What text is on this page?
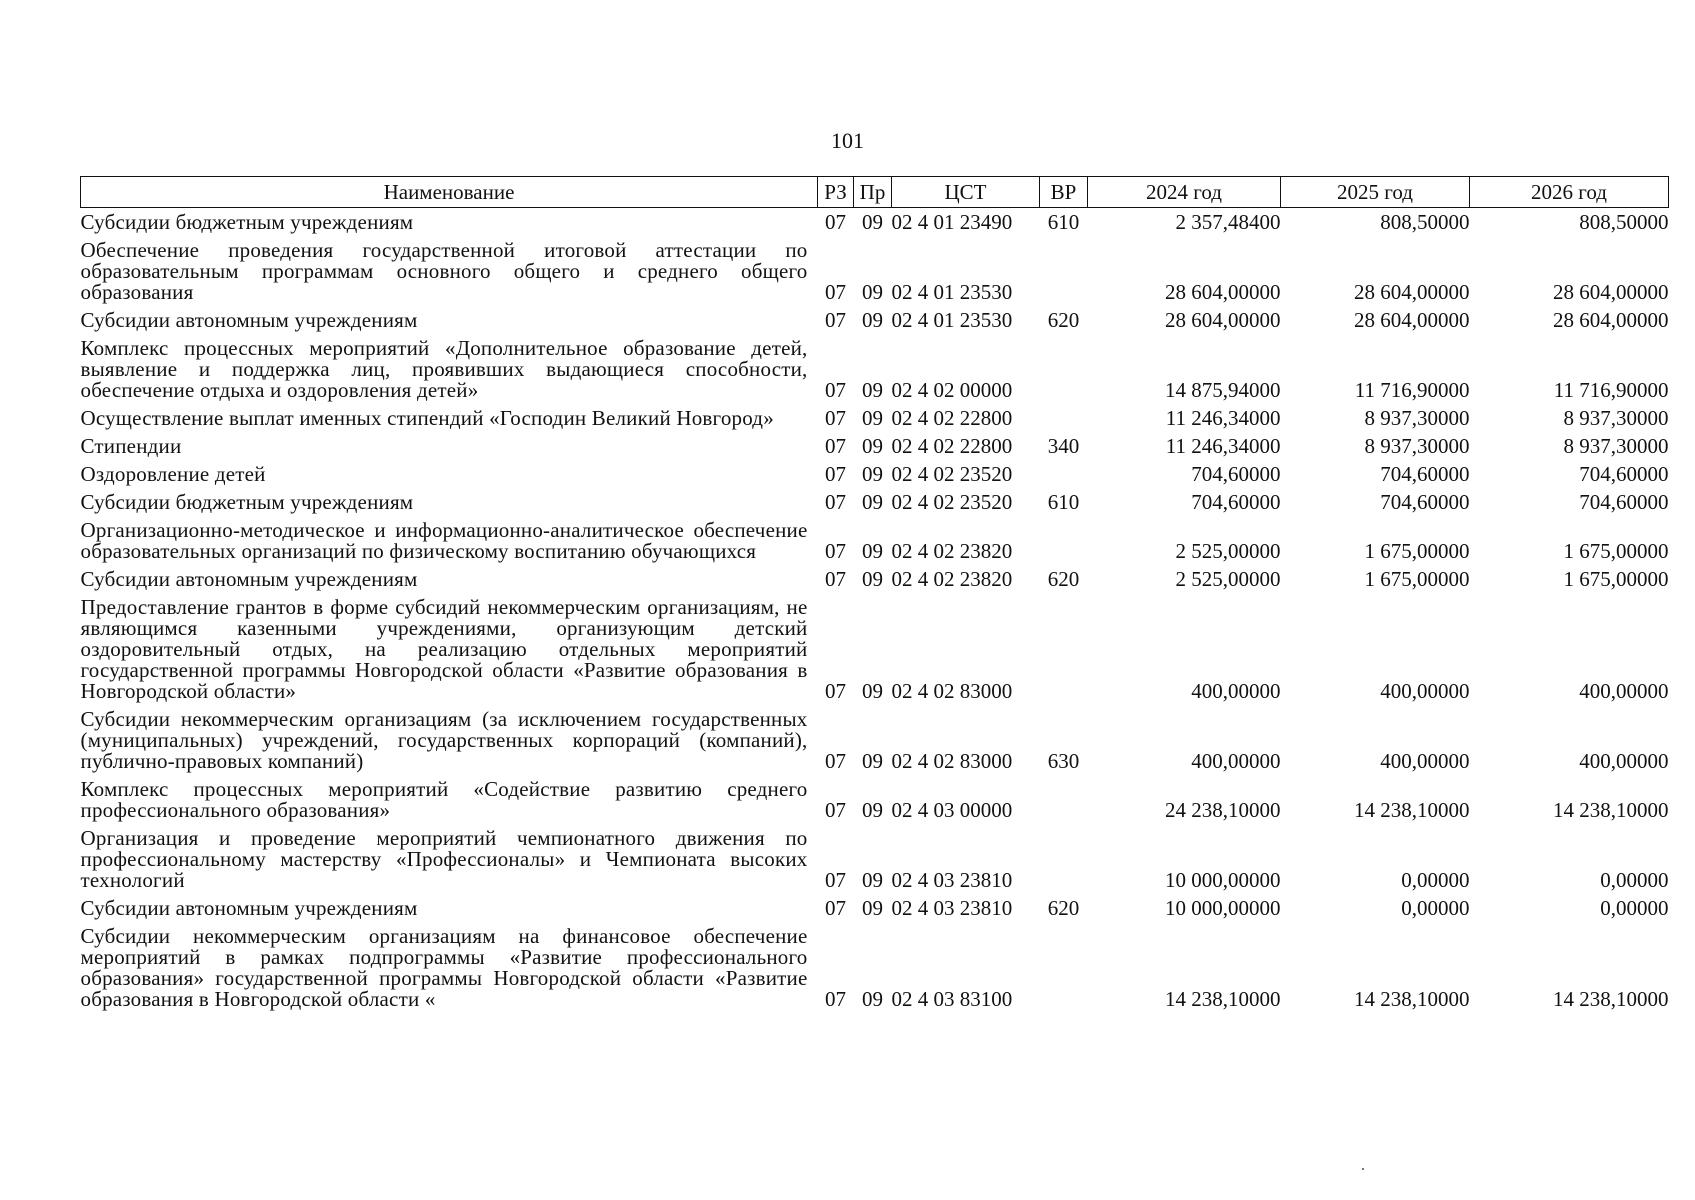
101
Наименование	РЗ	Пр	ЦСТ	ВР	2024 год	2025 год	2026 год
Субсидии бюджетным учреждениям	07	09	02 4 01 23490	610	2 357,48400	808,50000	808,50000
Обеспечение проведения государственной итоговой аттестации по образовательным программам основного общего и среднего общего образования	07	09	02 4 01 23530		28 604,00000	28 604,00000	28 604,00000
Субсидии автономным учреждениям	07	09	02 4 01 23530	620	28 604,00000	28 604,00000	28 604,00000
Комплекс процессных мероприятий «Дополнительное образование детей, выявление и поддержка лиц, проявивших выдающиеся способности, обеспечение отдыха и оздоровления детей»	07	09	02 4 02 00000		14 875,94000	11 716,90000	11 716,90000
Осуществление выплат именных стипендий «Господин Великий Новгород»	07	09	02 4 02 22800		11 246,34000	8 937,30000	8 937,30000
Стипендии	07	09	02 4 02 22800	340	11 246,34000	8 937,30000	8 937,30000
Оздоровление детей	07	09	02 4 02 23520		704,60000	704,60000	704,60000
Субсидии бюджетным учреждениям	07	09	02 4 02 23520	610	704,60000	704,60000	704,60000
Организационно-методическое и информационно-аналитическое обеспечение образовательных организаций по физическому воспитанию обучающихся	07	09	02 4 02 23820		2 525,00000	1 675,00000	1 675,00000
Субсидии автономным учреждениям	07	09	02 4 02 23820	620	2 525,00000	1 675,00000	1 675,00000
Предоставление грантов в форме субсидий некоммерческим организациям, не являющимся казенными учреждениями, организующим детский оздоровительный отдых, на реализацию отдельных мероприятий государственной программы Новгородской области «Развитие образования в Новгородской области»	07	09	02 4 02 83000		400,00000	400,00000	400,00000
Субсидии некоммерческим организациям (за исключением государственных (муниципальных) учреждений, государственных корпораций (компаний), публично-правовых компаний)	07	09	02 4 02 83000	630	400,00000	400,00000	400,00000
Комплекс процессных мероприятий «Содействие развитию среднего профессионального образования»	07	09	02 4 03 00000		24 238,10000	14 238,10000	14 238,10000
Организация и проведение мероприятий чемпионатного движения по профессиональному мастерству «Профессионалы» и Чемпионата высоких технологий	07	09	02 4 03 23810		10 000,00000	0,00000	0,00000
Субсидии автономным учреждениям	07	09	02 4 03 23810	620	10 000,00000	0,00000	0,00000
Субсидии некоммерческим организациям на финансовое обеспечение мероприятий в рамках подпрограммы «Развитие профессионального образования» государственной программы Новгородской области «Развитие образования в Новгородской области «	07	09	02 4 03 83100		14 238,10000	14 238,10000	14 238,10000
